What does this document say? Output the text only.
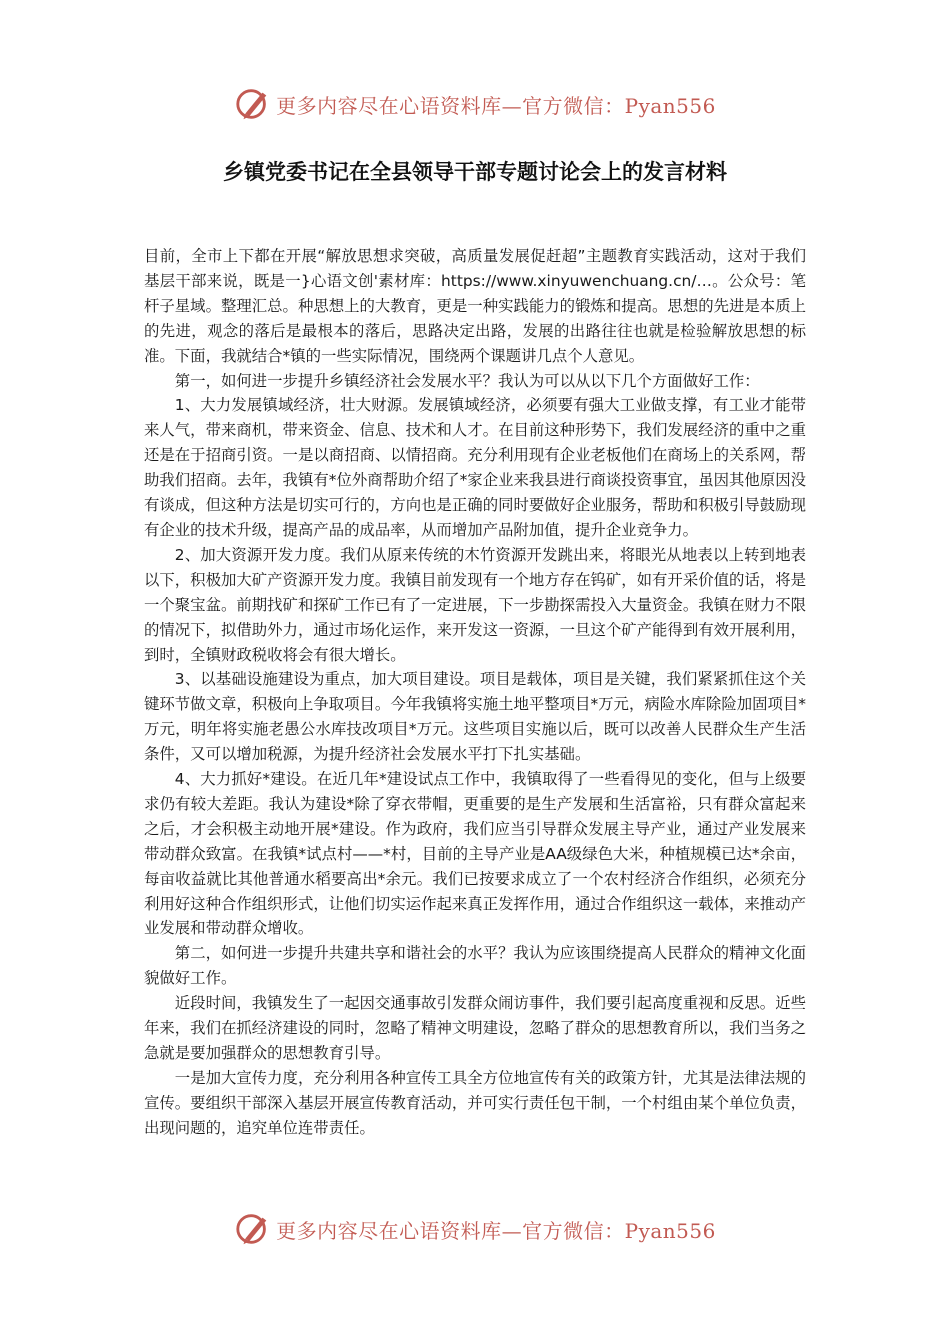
更多内容尽在心语资料库—官方微信：Pyan556
乡镇党委书记在全县领导干部专题讨论会上的发言材料

目前，全市上下都在开展“解放思想求突破，高质量发展促赶超”主题教育实践活动，这对于我们基层干部来说，既是一}心语文创'素材库：https://www.xinyuwenchuang.cn/…。公众号：笔杆子星域。整理汇总。种思想上的大教育，更是一种实践能力的锻炼和提高。思想的先进是本质上的先进，观念的落后是最根本的落后，思路决定出路，发展的出路往往也就是检验解放思想的标准。下面，我就结合*镇的一些实际情况，围绕两个课题讲几点个人意见。

第一，如何进一步提升乡镇经济社会发展水平？我认为可以从以下几个方面做好工作：

1、大力发展镇域经济，壮大财源。发展镇域经济，必须要有强大工业做支撑，有工业才能带来人气，带来商机，带来资金、信息、技术和人才。在目前这种形势下，我们发展经济的重中之重还是在于招商引资。一是以商招商、以情招商。充分利用现有企业老板他们在商场上的关系网，帮助我们招商。去年，我镇有*位外商帮助介绍了*家企业来我县进行商谈投资事宜，虽因其他原因没有谈成，但这种方法是切实可行的，方向也是正确的同时要做好企业服务，帮助和积极引导鼓励现有企业的技术升级，提高产品的成品率，从而增加产品附加值，提升企业竞争力。

2、加大资源开发力度。我们从原来传统的木竹资源开发跳出来，将眼光从地表以上转到地表以下，积极加大矿产资源开发力度。我镇目前发现有一个地方存在钨矿，如有开采价值的话，将是一个聚宝盆。前期找矿和探矿工作已有了一定进展，下一步勘探需投入大量资金。我镇在财力不限的情况下，拟借助外力，通过市场化运作，来开发这一资源，一旦这个矿产能得到有效开展利用，到时，全镇财政税收将会有很大增长。

3、以基础设施建设为重点，加大项目建设。项目是载体，项目是关键，我们紧紧抓住这个关键环节做文章，积极向上争取项目。今年我镇将实施土地平整项目*万元，病险水库除险加固项目*万元，明年将实施老愚公水库技改项目*万元。这些项目实施以后，既可以改善人民群众生产生活条件，又可以增加税源，为提升经济社会发展水平打下扎实基础。

4、大力抓好*建设。在近几年*建设试点工作中，我镇取得了一些看得见的变化，但与上级要求仍有较大差距。我认为建设*除了穿衣带帽，更重要的是生产发展和生活富裕，只有群众富起来之后，才会积极主动地开展*建设。作为政府，我们应当引导群众发展主导产业，通过产业发展来带动群众致富。在我镇*试点村——*村，目前的主导产业是AA级绿色大米，种植规模已达*余亩，每亩收益就比其他普通水稻要高出*余元。我们已按要求成立了一个农村经济合作组织，必须充分利用好这种合作组织形式，让他们切实运作起来真正发挥作用，通过合作组织这一载体，来推动产业发展和带动群众增收。

第二，如何进一步提升共建共享和谐社会的水平？我认为应该围绕提高人民群众的精神文化面貌做好工作。

近段时间，我镇发生了一起因交通事故引发群众闹访事件，我们要引起高度重视和反思。近些年来，我们在抓经济建设的同时，忽略了精神文明建设，忽略了群众的思想教育所以，我们当务之急就是要加强群众的思想教育引导。

一是加大宣传力度，充分利用各种宣传工具全方位地宣传有关的政策方针，尤其是法律法规的宣传。要组织干部深入基层开展宣传教育活动，并可实行责任包干制，一个村组由某个单位负责，出现问题的，追究单位连带责任。

更多内容尽在心语资料库—官方微信：Pyan556
